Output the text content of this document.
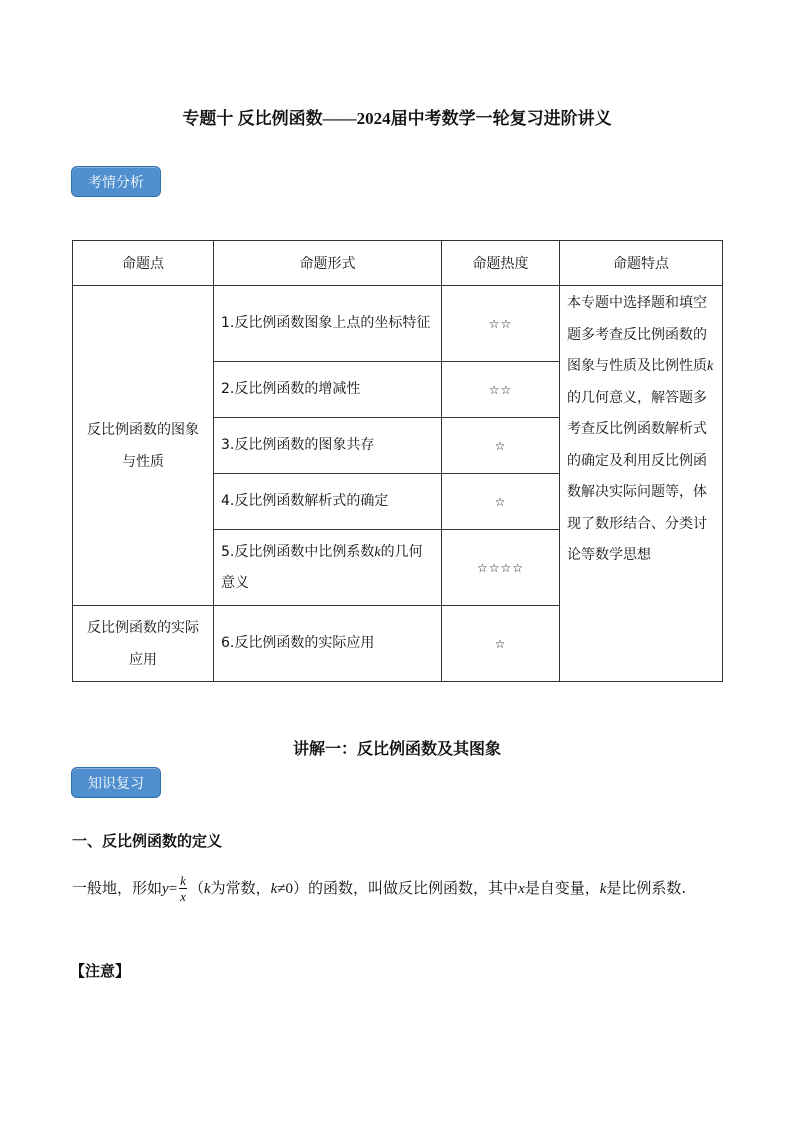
专题十 反比例函数——2024届中考数学一轮复习进阶讲义
考情分析
命题点	命题形式	命题热度	命题特点

反比例函数的图象与性质	1.反比例函数图象上点的坐标特征	☆☆	本专题中选择题和填空题多考查反比例函数的图象与性质及比例性质k的几何意义，解答题多考查反比例函数解析式的确定及利用反比例函数解决实际问题等，体现了数形结合、分类讨论等数学思想
	2.反比例函数的增减性	☆☆	
	3.反比例函数的图象共存	☆	
	4.反比例函数解析式的确定	☆	
	5.反比例函数中比例系数k的几何意义	☆☆☆☆	

反比例函数的实际应用	6.反比例函数的实际应用	☆	
讲解一：反比例函数及其图象
知识复习
一、反比例函数的定义
一般地，形如$y= \frac{k}{x} (k$为常数，k≠0）的函数，叫做反比例函数，其中x是自变量，k是比例系数.
【注意】
